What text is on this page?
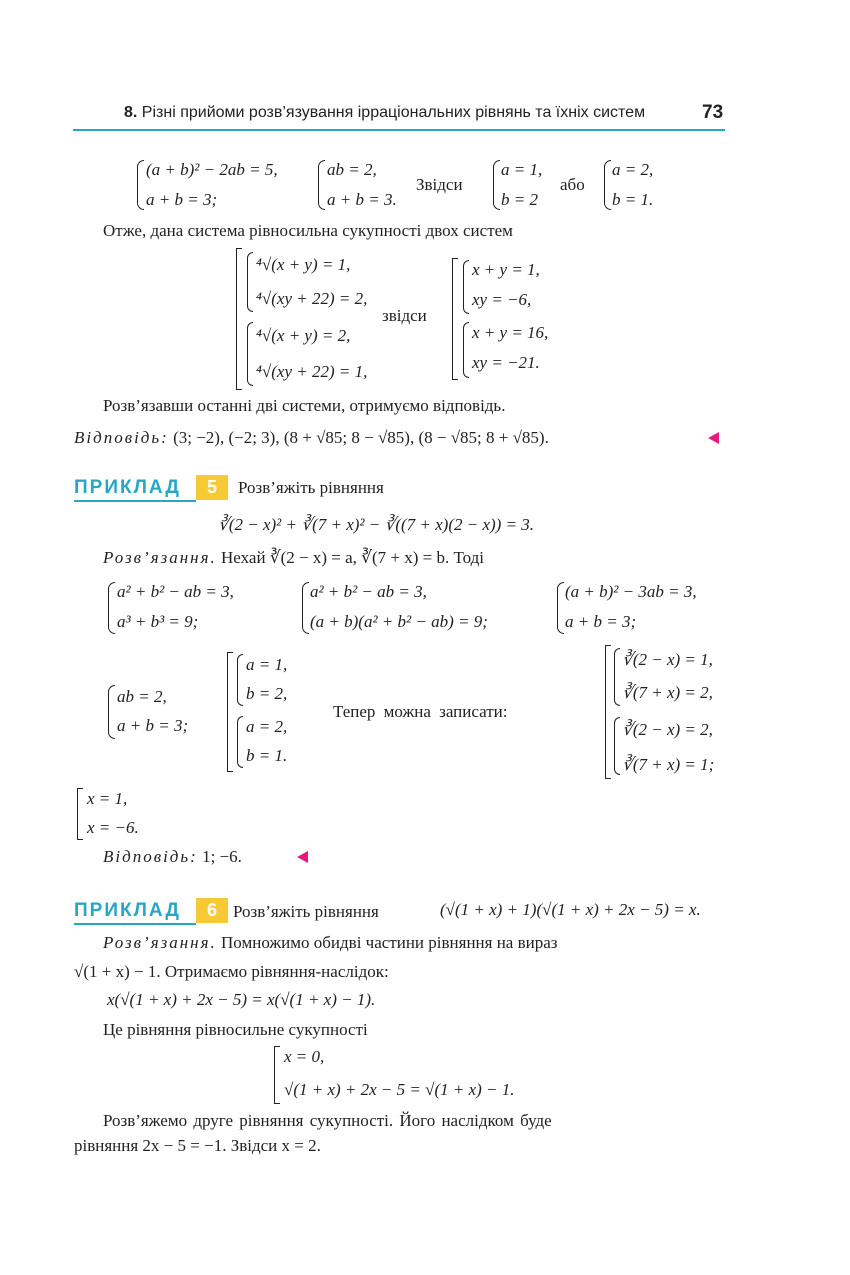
8. Різні прийоми розв’язування ірраціональних рівнянь та їхніх систем	73
(a + b)² − 2ab = 5,
a + b = 3;
ab = 2,
a + b = 3.
Звідси
a = 1,
b = 2
або
a = 2,
b = 1.
Отже, дана система рівносильна сукупності двох систем
⁴√(x + y) = 1,
⁴√(xy + 22) = 2,
⁴√(x + y) = 2,
⁴√(xy + 22) = 1,
звідси
x + y = 1,
xy = −6,
x + y = 16,
xy = −21.
Розв’язавши останні дві системи, отримуємо відповідь.
Відповідь: (3; −2), (−2; 3), (8 + √85; 8 − √85), (8 − √85; 8 + √85).
ПРИКЛАД	5	Розв’яжіть рівняння
∛(2 − x)² + ∛(7 + x)² − ∛((7 + x)(2 − x)) = 3.
Розв’язання. Нехай ∛(2 − x) = a, ∛(7 + x) = b. Тоді
a² + b² − ab = 3,
a³ + b³ = 9;
a² + b² − ab = 3,
(a + b)(a² + b² − ab) = 9;
(a + b)² − 3ab = 3,
a + b = 3;
ab = 2,
a + b = 3;
a = 1,
b = 2,
a = 2,
b = 1.
Тепер можна записати:
∛(2 − x) = 1,
∛(7 + x) = 2,
∛(2 − x) = 2,
∛(7 + x) = 1;
x = 1,
x = −6.
Відповідь: 1; −6.
ПРИКЛАД	6 Розв’яжіть рівняння	(√(1 + x) + 1)(√(1 + x) + 2x − 5) = x.
Розв’язання. Помножимо обидві частини рівняння на вираз
√(1 + x) − 1. Отримаємо рівняння-наслідок:
x(√(1 + x) + 2x − 5) = x(√(1 + x) − 1).
Це рівняння рівносильне сукупності
x = 0,
√(1 + x) + 2x − 5 = √(1 + x) − 1.
Розв’яжемо друге рівняння сукупності. Його наслідком буде
рівняння 2x − 5 = −1. Звідси x = 2.
